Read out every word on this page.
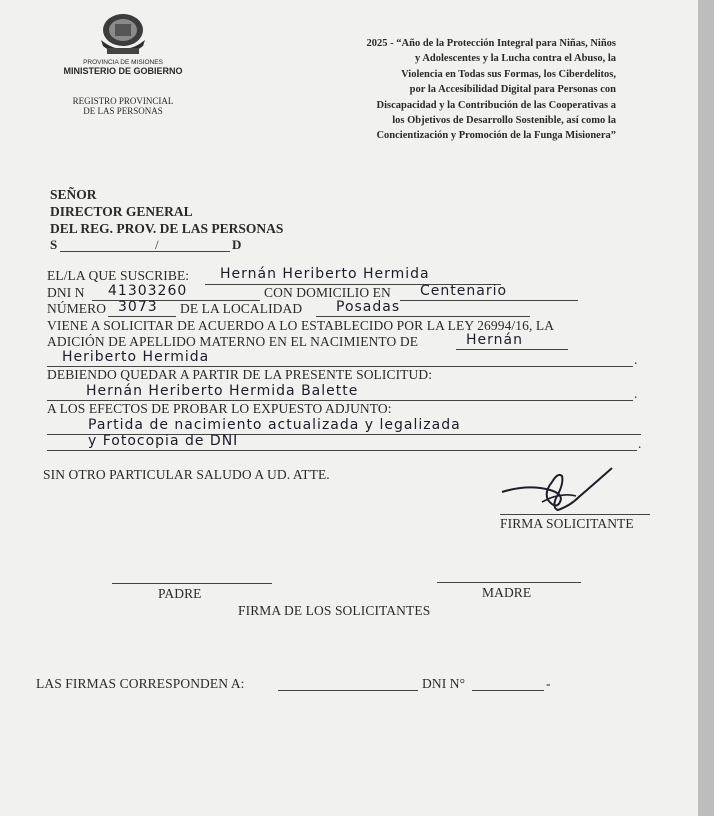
PROVINCIA DE MISIONES
MINISTERIO DE GOBIERNO
REGISTRO PROVINCIAL
DE LAS PERSONAS
2025 - “Año de la Protección Integral para Niñas, Niños
y Adolescentes y la Lucha contra el Abuso, la
Violencia en Todas sus Formas, los Ciberdelitos,
por la Accesibilidad Digital para Personas con
Discapacidad y la Contribución de las Cooperativas a
los Objetivos de Desarrollo Sostenible, así como la
Concientización y Promoción de la Funga Misionera”
SEÑOR
DIRECTOR GENERAL
DEL REG. PROV. DE LAS PERSONAS
S	/	D
EL/LA QUE SUSCRIBE: Hernán Heriberto Hermida
DNI N 41303260	CON DOMICILIO EN Centenario
NÚMERO 3073 DE LA LOCALIDAD Posadas
VIENE A SOLICITAR DE ACUERDO A LO ESTABLECIDO POR LA LEY 26994/16, LA
ADICIÓN DE APELLIDO MATERNO EN EL NACIMIENTO DE	Hernán
Heriberto Hermida	.
DEBIENDO QUEDAR A PARTIR DE LA PRESENTE SOLICITUD:
Hernán Heriberto Hermida Balette	.
A LOS EFECTOS DE PROBAR LO EXPUESTO ADJUNTO:
Partida de nacimiento actualizada y legalizada
y Fotocopia de DNI	.
SIN OTRO PARTICULAR SALUDO A UD. ATTE.
FIRMA SOLICITANTE
PADRE	MADRE
FIRMA DE LOS SOLICITANTES
LAS FIRMAS CORRESPONDEN A:	DNI N°	-
